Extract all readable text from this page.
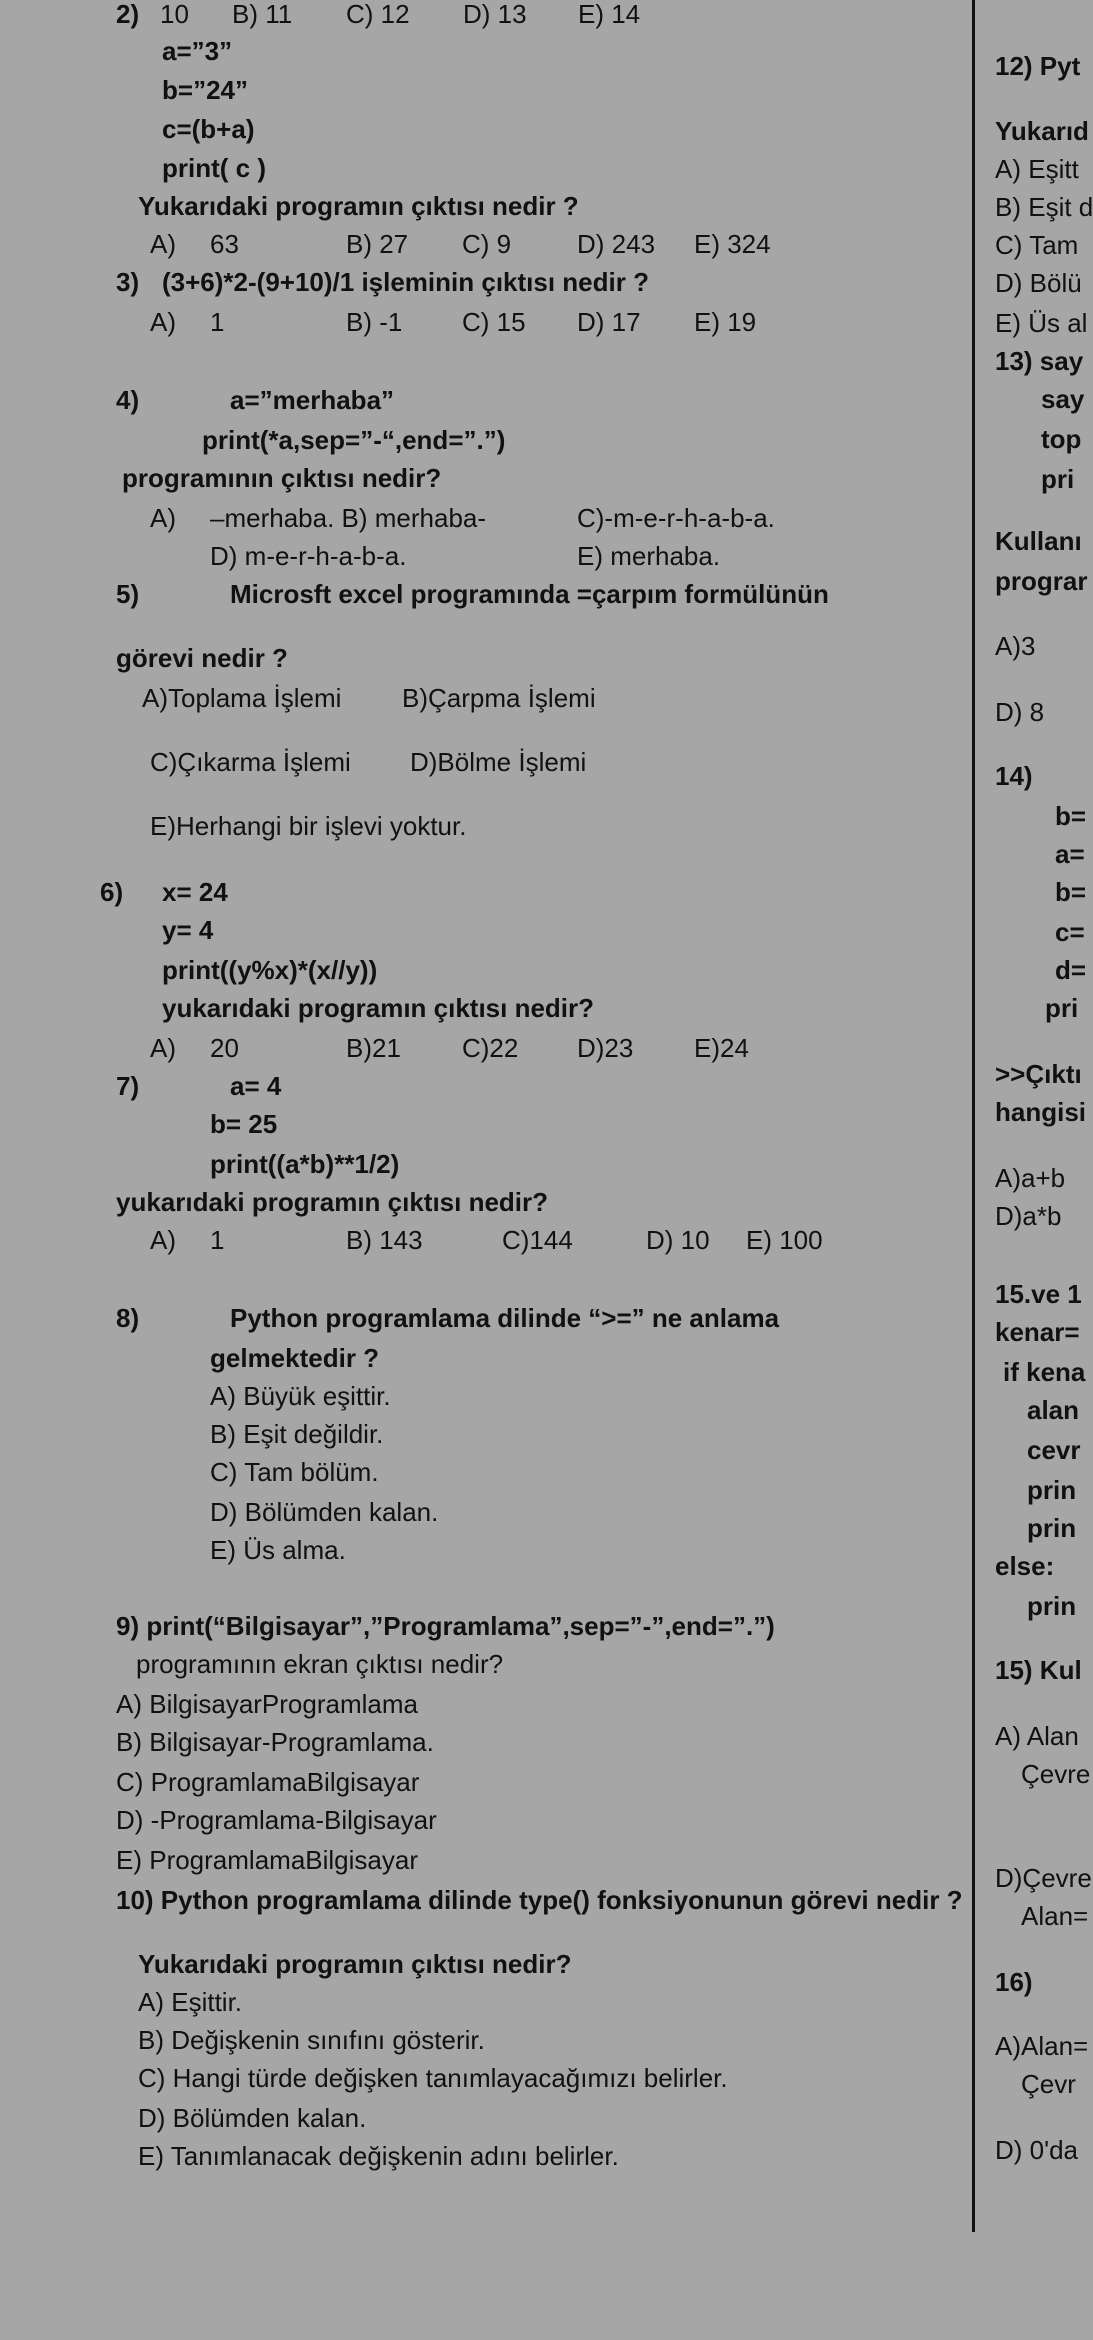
2) 10 B) 11 C) 12 D) 13 E) 14
a=”3”
b=”24”
c=(b+a)
print( c )
Yukarıdaki programın çıktısı nedir ?
A) 63	B) 27 C) 9	D) 243 E) 324
3) (3+6)*2-(9+10)/1 işleminin çıktısı nedir ?
A) 1	B) -1 C) 15 D) 17 E) 19
4)	a=”merhaba”
print(*a,sep=”-“,end=”.”)
programının çıktısı nedir?
A) –merhaba. B) merhaba-	C)-m-e-r-h-a-b-a.
D) m-e-r-h-a-b-a.	E) merhaba.
5)	Microsft excel programında =çarpım formülünün
görevi nedir ?
A)Toplama İşlemi B)Çarpma İşlemi
C)Çıkarma İşlemi D)Bölme İşlemi
E)Herhangi bir işlevi yoktur.
6) x= 24
y= 4
print((y%x)*(x//y))
yukarıdaki programın çıktısı nedir?
A) 20	B)21 C)22 D)23 E)24
7)	a= 4
b= 25
print((a*b)**1/2)
yukarıdaki programın çıktısı nedir?
A) 1	B) 143	C)144	D) 10 E) 100
8)	Python programlama dilinde “>=” ne anlama
gelmektedir ?
A) Büyük eşittir.
B) Eşit değildir.
C) Tam bölüm.
D) Bölümden kalan.
E) Üs alma.
9) print(“Bilgisayar”,”Programlama”,sep=”-”,end=”.”)
programının ekran çıktısı nedir?
A) BilgisayarProgramlama
B) Bilgisayar-Programlama.
C) ProgramlamaBilgisayar
D) -Programlama-Bilgisayar
E) ProgramlamaBilgisayar
10) Python programlama dilinde type() fonksiyonunun görevi nedir ?
Yukarıdaki programın çıktısı nedir?
A) Eşittir.
B) Değişkenin sınıfını gösterir.
C) Hangi türde değişken tanımlayacağımızı belirler.
D) Bölümden kalan.
E) Tanımlanacak değişkenin adını belirler.
12) Pyt
Yukarıd
A) Eşitt
B) Eşit d
C) Tam
D) Bölü
E) Üs al
13) say
say
top
pri
Kullanı
prograr
A)3
D) 8
14)
b=
a=
b=
c=
d=
pri
>>Çıktı
hangisi
A)a+b
D)a*b
15.ve 1
kenar=
if kena
alan
cevr
prin
prin
else:
prin
15) Kul
A) Alan
Çevre
D)Çevre
Alan=
16)
A)Alan=
Çevr
D) 0'da
